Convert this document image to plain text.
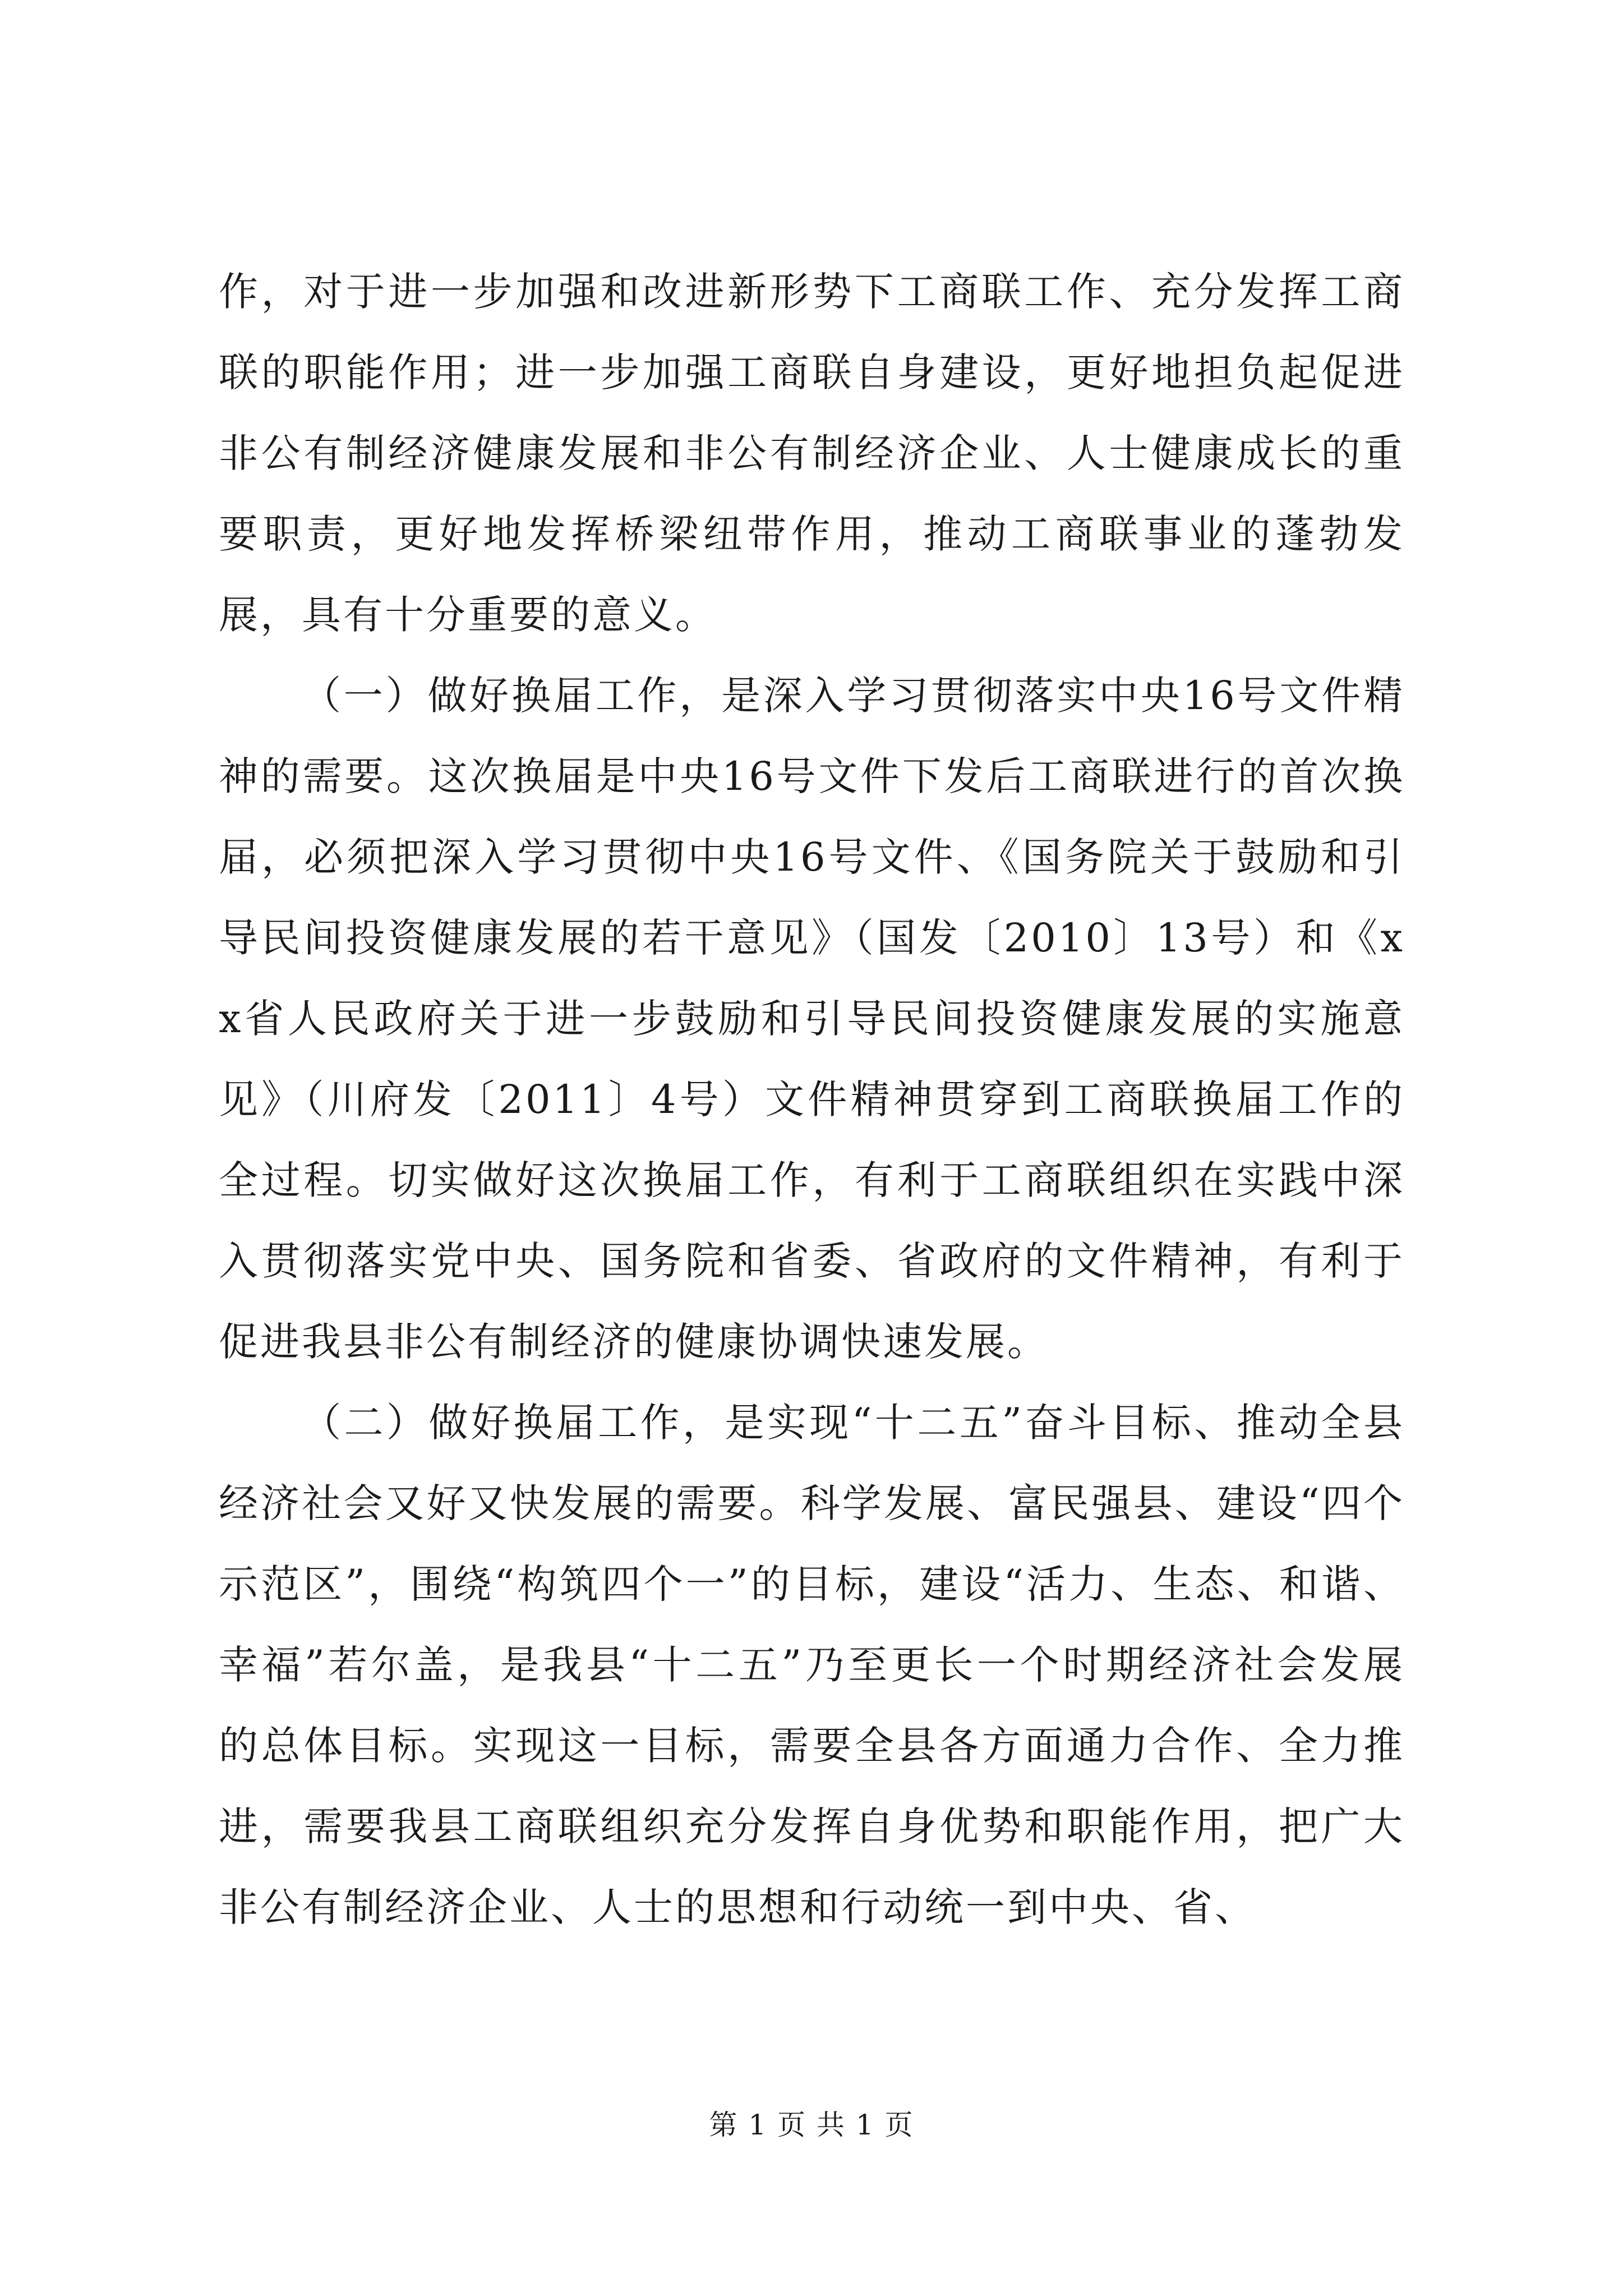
作，对于进一步加强和改进新形势下工商联工作、充分发挥工商联的职能作用；进一步加强工商联自身建设，更好地担负起促进非公有制经济健康发展和非公有制经济企业、人士健康成长的重要职责，更好地发挥桥梁纽带作用，推动工商联事业的蓬勃发展，具有十分重要的意义。

（一）做好换届工作，是深入学习贯彻落实中央16号文件精神的需要。这次换届是中央16号文件下发后工商联进行的首次换届，必须把深入学习贯彻中央16号文件、《国务院关于鼓励和引导民间投资健康发展的若干意见》（国发〔2010〕13号）和《xx省人民政府关于进一步鼓励和引导民间投资健康发展的实施意见》（川府发〔2011〕4号）文件精神贯穿到工商联换届工作的全过程。切实做好这次换届工作，有利于工商联组织在实践中深入贯彻落实党中央、国务院和省委、省政府的文件精神，有利于促进我县非公有制经济的健康协调快速发展。

（二）做好换届工作，是实现“十二五”奋斗目标、推动全县经济社会又好又快发展的需要。科学发展、富民强县、建设“四个示范区”，围绕“构筑四个一”的目标，建设“活力、生态、和谐、幸福”若尔盖，是我县“十二五”乃至更长一个时期经济社会发展的总体目标。实现这一目标，需要全县各方面通力合作、全力推进，需要我县工商联组织充分发挥自身优势和职能作用，把广大非公有制经济企业、人士的思想和行动统一到中央、省、

第 1 页 共 1 页
